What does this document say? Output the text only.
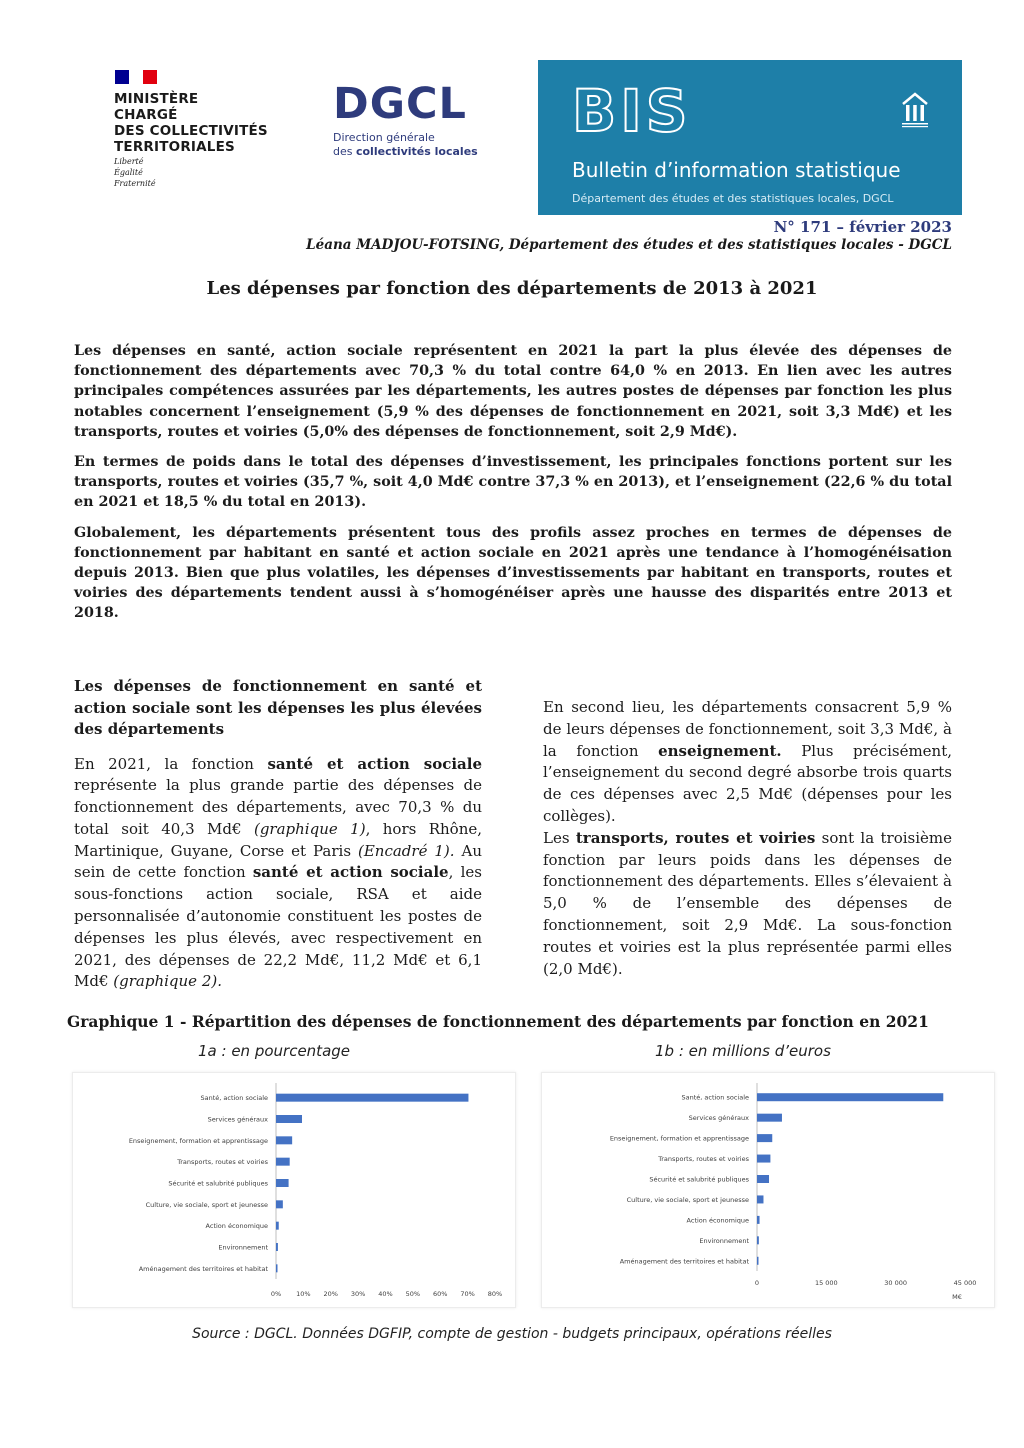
MINISTÈRE
CHARGÉ
DES COLLECTIVITÉS
TERRITORIALES
Liberté
Égalité
Fraternité
DGCL
Direction générale
des collectivités locales
BIS
Bulletin d’information statistique
Département des études et des statistiques locales, DGCL
N° 171 – février 2023
Léana MADJOU-FOTSING, Département des études et des statistiques locales - DGCL
Les dépenses par fonction des départements de 2013 à 2021

Les dépenses en santé, action sociale représentent en 2021 la part la plus élevée des dépenses de fonctionnement des départements avec 70,3 % du total contre 64,0 % en 2013. En lien avec les autres principales compétences assurées par les départements, les autres postes de dépenses par fonction les plus notables concernent l’enseignement (5,9 % des dépenses de fonctionnement en 2021, soit 3,3 Md€) et les transports, routes et voiries (5,0% des dépenses de fonctionnement, soit 2,9 Md€).

En termes de poids dans le total des dépenses d’investissement, les principales fonctions portent sur les transports, routes et voiries (35,7 %, soit 4,0 Md€ contre 37,3 % en 2013), et l’enseignement (22,6 % du total en 2021 et 18,5 % du total en 2013).

Globalement, les départements présentent tous des profils assez proches en termes de dépenses de fonctionnement par habitant en santé et action sociale en 2021 après une tendance à l’homogénéisation depuis 2013. Bien que plus volatiles, les dépenses d’investissements par habitant en transports, routes et voiries des départements tendent aussi à s’homogénéiser après une hausse des disparités entre 2013 et 2018.

Les dépenses de fonctionnement en santé et action sociale sont les dépenses les plus élevées des départements

En 2021, la fonction santé et action sociale représente la plus grande partie des dépenses de fonctionnement des départements, avec 70,3 % du total soit 40,3 Md€ (graphique 1), hors Rhône, Martinique, Guyane, Corse et Paris (Encadré 1). Au sein de cette fonction santé et action sociale, les sous-fonctions action sociale, RSA et aide personnalisée d’autonomie constituent les postes de dépenses les plus élevés, avec respectivement en 2021, des dépenses de 22,2 Md€, 11,2 Md€ et 6,1 Md€ (graphique 2).

En second lieu, les départements consacrent 5,9 % de leurs dépenses de fonctionnement, soit 3,3 Md€, à la fonction enseignement. Plus précisément, l’enseignement du second degré absorbe trois quarts de ces dépenses avec 2,5 Md€ (dépenses pour les collèges).

Les transports, routes et voiries sont la troisième fonction par leurs poids dans les dépenses de fonctionnement des départements. Elles s’élevaient à 5,0 % de l’ensemble des dépenses de fonctionnement, soit 2,9 Md€. La sous-fonction routes et voiries est la plus représentée parmi elles (2,0 Md€).

Graphique 1 - Répartition des dépenses de fonctionnement des départements par fonction en 2021
1a : en pourcentage	1b : en millions d’euros
Santé, action sociale
Services généraux
Enseignement, formation et apprentissage
Transports, routes et voiries
Sécurité et salubrité publiques
Culture, vie sociale, sport et jeunesse
Action économique
Environnement
Aménagement des territoires et habitat
0% 10% 20% 30% 40% 50% 60% 70% 80%
Santé, action sociale
Services généraux
Enseignement, formation et apprentissage
Transports, routes et voiries
Sécurité et salubrité publiques
Culture, vie sociale, sport et jeunesse
Action économique
Environnement
Aménagement des territoires et habitat
0	15 000	30 000	45 000
M€
Source : DGCL. Données DGFIP, compte de gestion - budgets principaux, opérations réelles
